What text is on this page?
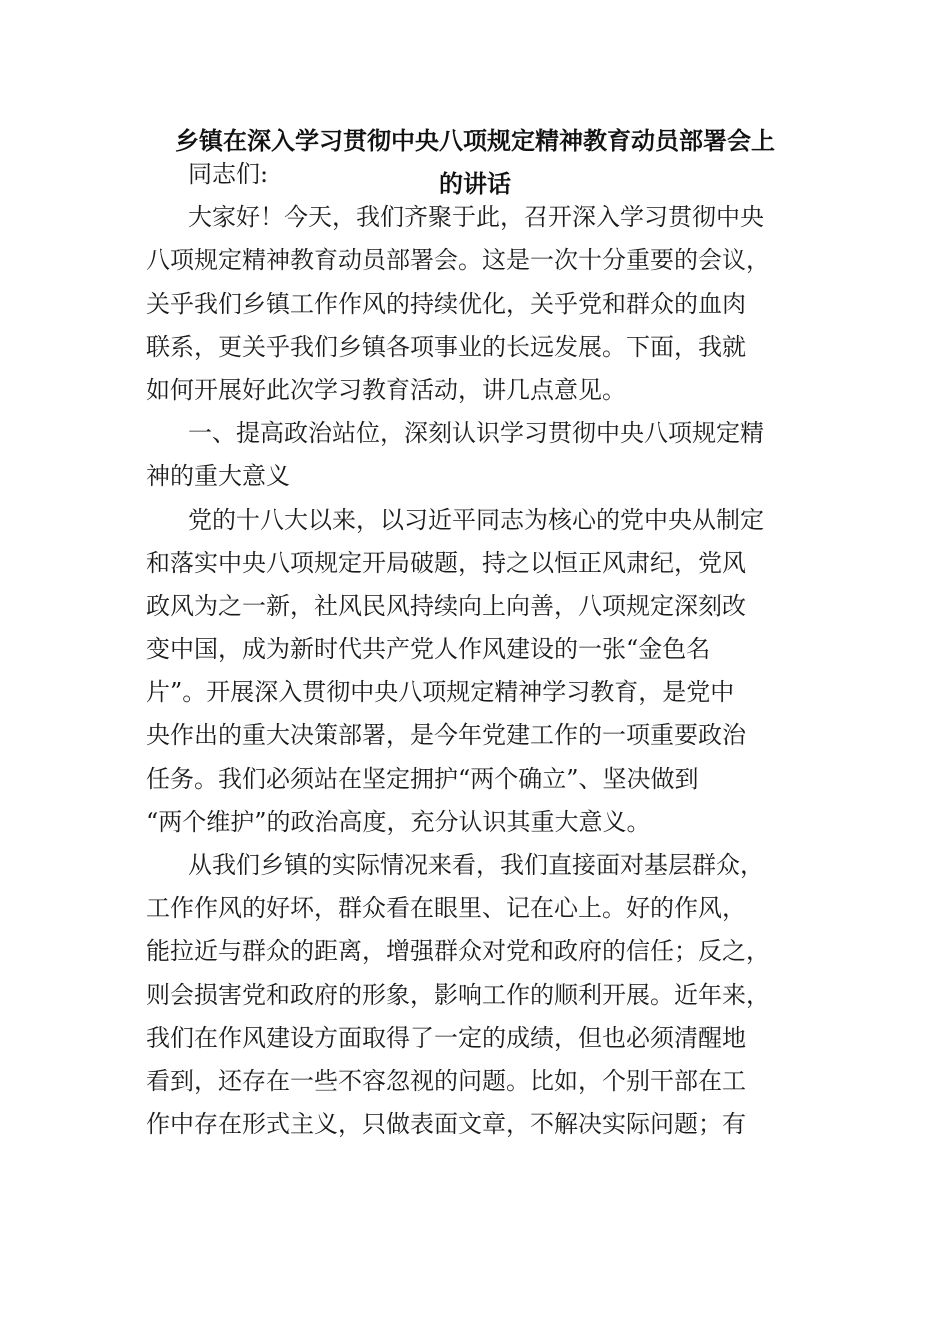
乡镇在深入学习贯彻中央八项规定精神教育动员部署会上
的讲话
同志们:
大家好！今天，我们齐聚于此，召开深入学习贯彻中央
八项规定精神教育动员部署会。这是一次十分重要的会议，
关乎我们乡镇工作作风的持续优化，关乎党和群众的血肉
联系，更关乎我们乡镇各项事业的长远发展。下面，我就
如何开展好此次学习教育活动，讲几点意见。
一、提高政治站位，深刻认识学习贯彻中央八项规定精
神的重大意义
党的十八大以来，以习近平同志为核心的党中央从制定
和落实中央八项规定开局破题，持之以恒正风肃纪，党风
政风为之一新，社风民风持续向上向善，八项规定深刻改
变中国，成为新时代共产党人作风建设的一张“金色名
片”。开展深入贯彻中央八项规定精神学习教育，是党中
央作出的重大决策部署，是今年党建工作的一项重要政治
任务。我们必须站在坚定拥护“两个确立”、坚决做到
“两个维护”的政治高度，充分认识其重大意义。
从我们乡镇的实际情况来看，我们直接面对基层群众，
工作作风的好坏，群众看在眼里、记在心上。好的作风，
能拉近与群众的距离，增强群众对党和政府的信任；反之，
则会损害党和政府的形象，影响工作的顺利开展。近年来，
我们在作风建设方面取得了一定的成绩，但也必须清醒地
看到，还存在一些不容忽视的问题。比如，个别干部在工
作中存在形式主义，只做表面文章，不解决实际问题；有
